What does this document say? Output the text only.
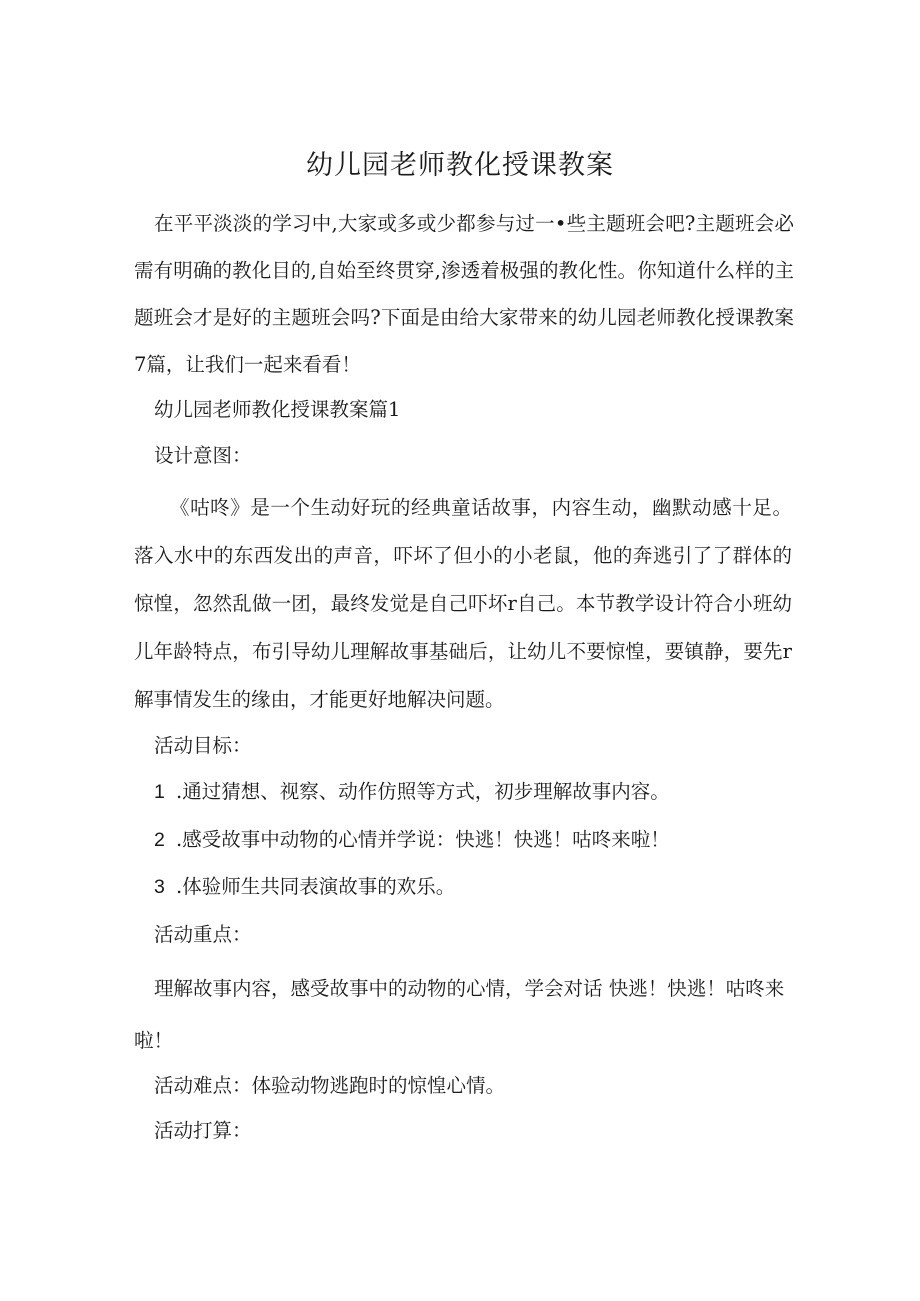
幼儿园老师教化授课教案

在平平淡淡的学习中,大家或多或少都参与过一•些主题班会吧?主题班会必需有明确的教化目的,自始至终贯穿,渗透着极强的教化性。你知道什么样的主题班会才是好的主题班会吗?下面是由给大家带来的幼儿园老师教化授课教案7篇，让我们一起来看看！

幼儿园老师教化授课教案篇1

设计意图：

《咕咚》是一个生动好玩的经典童话故事，内容生动，幽默动感十足。落入水中的东西发出的声音，吓坏了但小的小老鼠，他的奔逃引了了群体的惊惶，忽然乱做一团，最终发觉是自己吓坏r自己。本节教学设计符合小班幼儿年龄特点，布引导幼儿理解故事基础后，让幼儿不要惊惶，要镇静，要先r解事情发生的缘由，才能更好地解决问题。

活动目标：

1 .通过猜想、视察、动作仿照等方式，初步理解故事内容。

2 .感受故事中动物的心情并学说：快逃！快逃！咕咚来啦！

3 .体验师生共同表演故事的欢乐。

活动重点：

理解故事内容，感受故事中的动物的心情，学会对话 快逃！快逃！咕咚来啦！

活动难点：体验动物逃跑时的惊惶心情。

活动打算：
